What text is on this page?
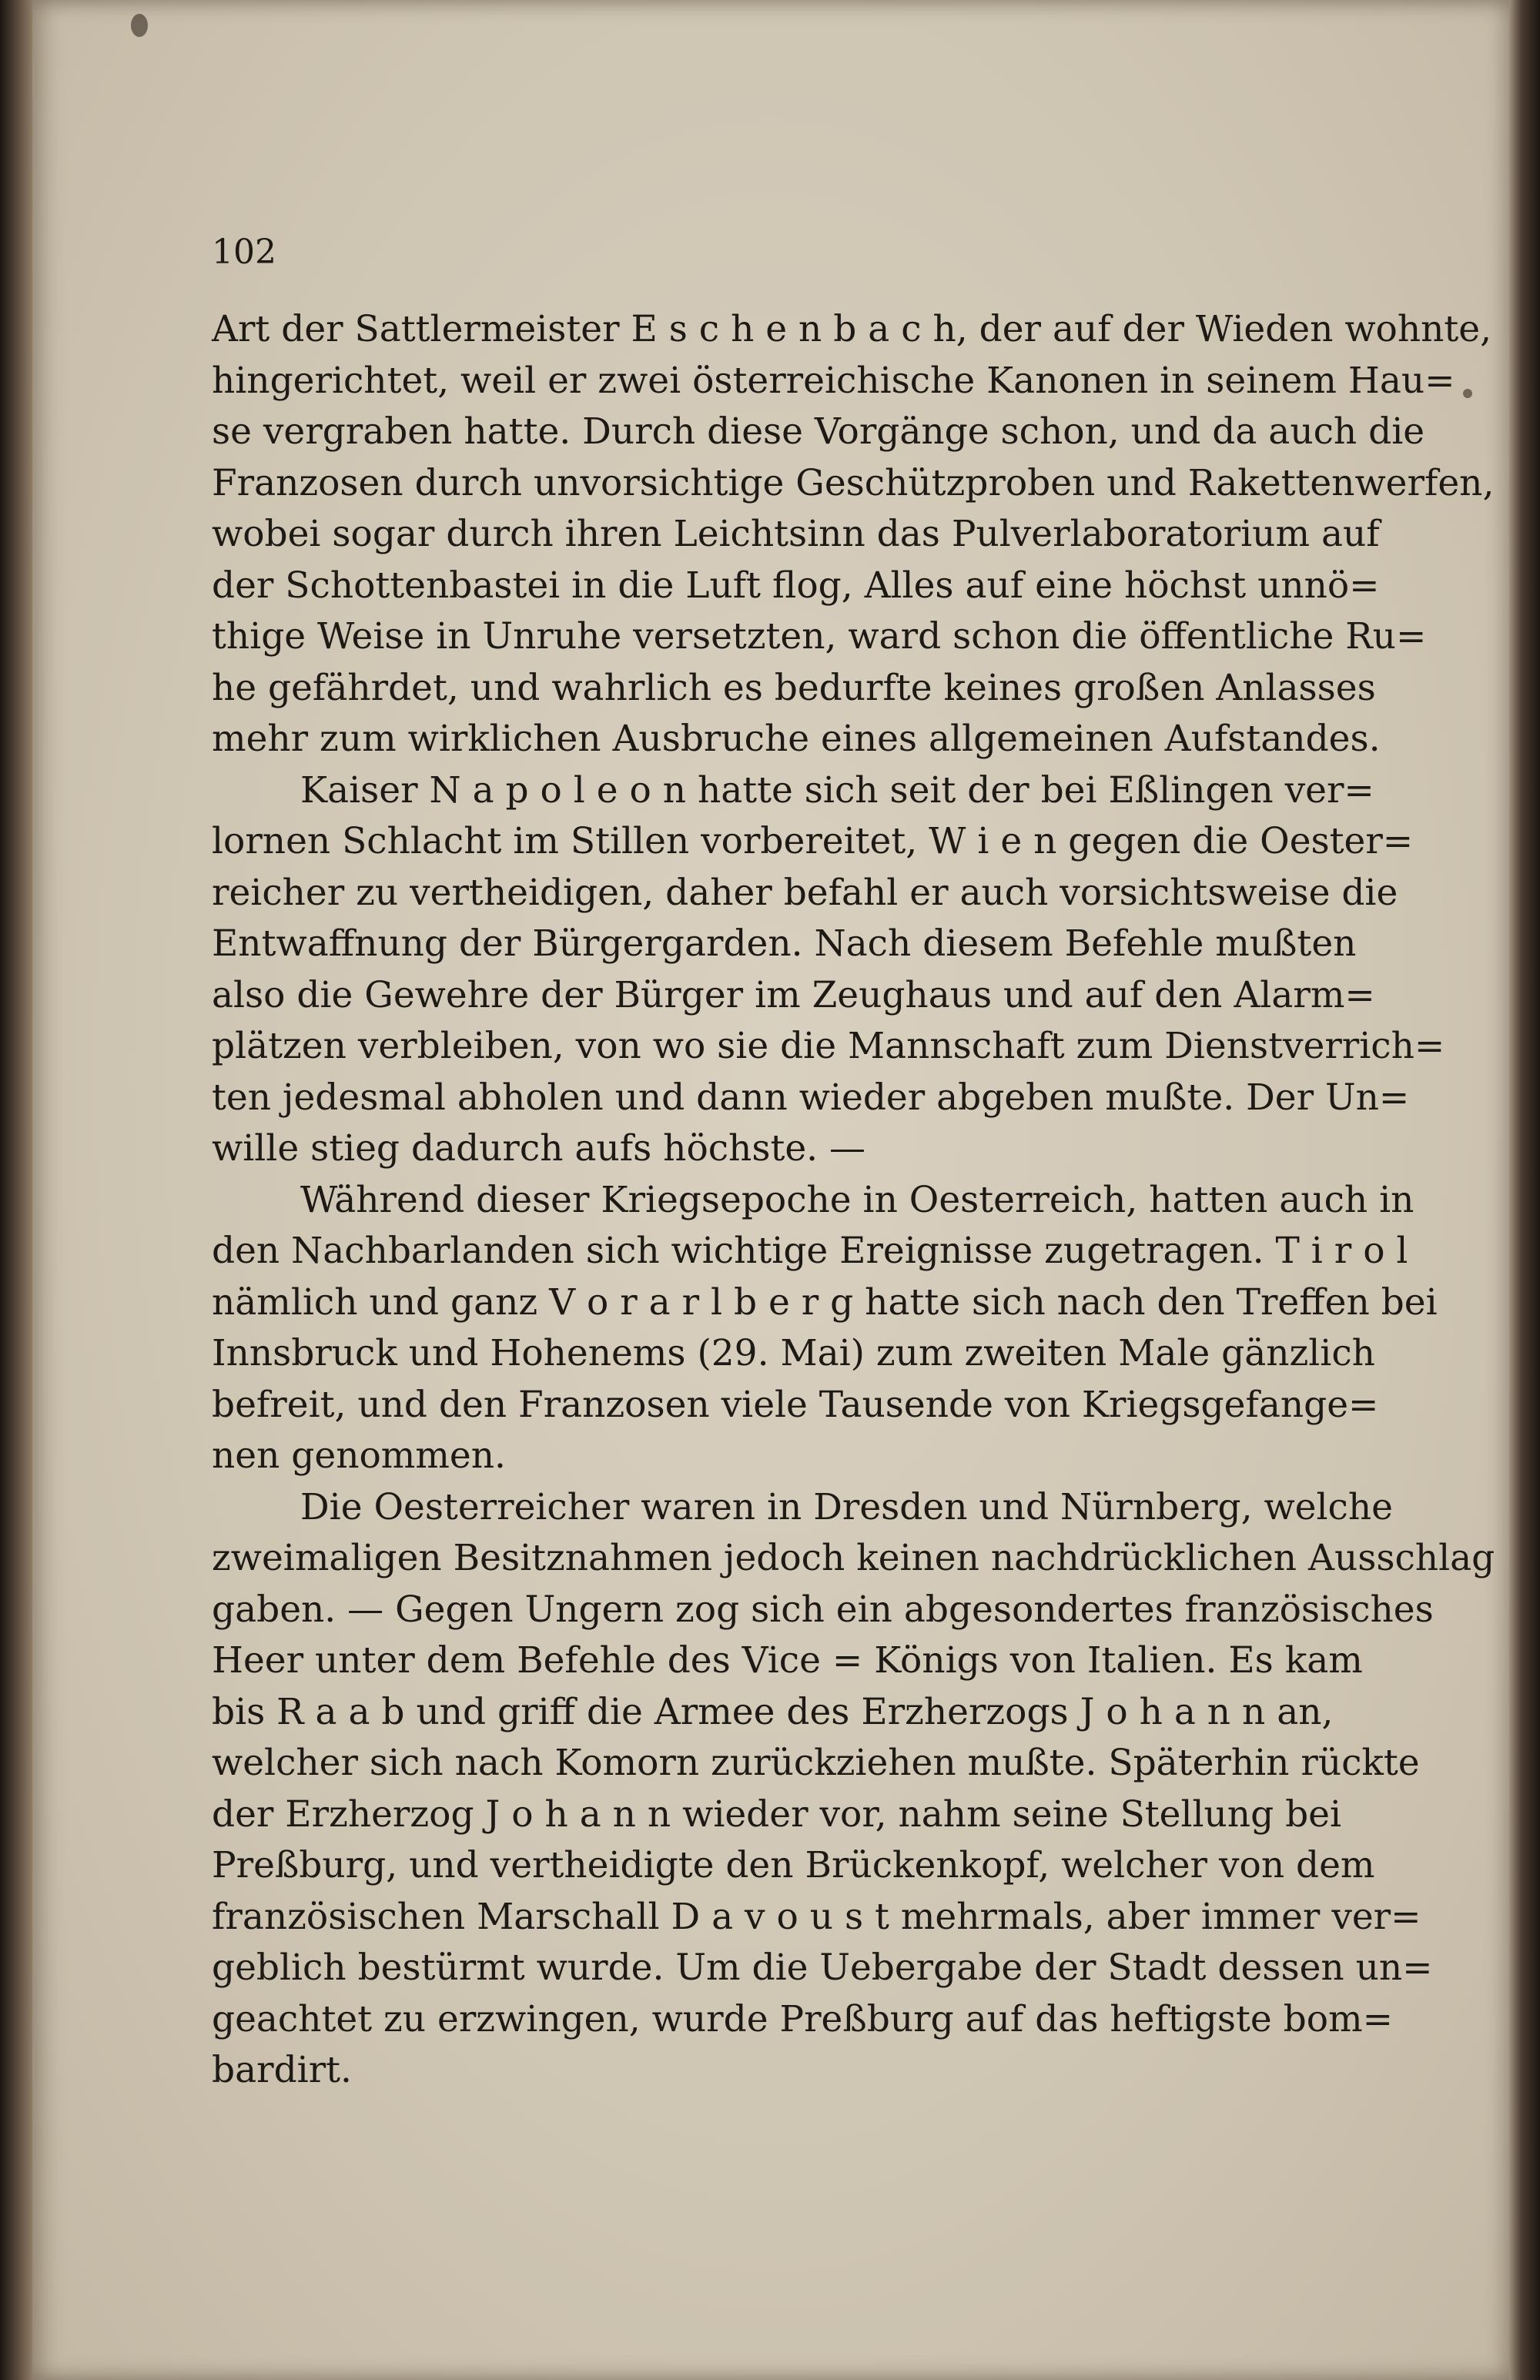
102
Art der Sattlermeister E s c h e n b a c h, der auf der Wieden wohnte,
hingerichtet, weil er zwei österreichische Kanonen in seinem Hau=
se vergraben hatte. Durch diese Vorgänge schon, und da auch die
Franzosen durch unvorsichtige Geschützproben und Rakettenwerfen,
wobei sogar durch ihren Leichtsinn das Pulverlaboratorium auf
der Schottenbastei in die Luft flog, Alles auf eine höchst unnö=
thige Weise in Unruhe versetzten, ward schon die öffentliche Ru=
he gefährdet, und wahrlich es bedurfte keines großen Anlasses
mehr zum wirklichen Ausbruche eines allgemeinen Aufstandes.
Kaiser N a p o l e o n hatte sich seit der bei Eßlingen ver=
lornen Schlacht im Stillen vorbereitet, W i e n gegen die Oester=
reicher zu vertheidigen, daher befahl er auch vorsichtsweise die
Entwaffnung der Bürgergarden. Nach diesem Befehle mußten
also die Gewehre der Bürger im Zeughaus und auf den Alarm=
plätzen verbleiben, von wo sie die Mannschaft zum Dienstverrich=
ten jedesmal abholen und dann wieder abgeben mußte. Der Un=
wille stieg dadurch aufs höchste. —
Während dieser Kriegsepoche in Oesterreich, hatten auch in
den Nachbarlanden sich wichtige Ereignisse zugetragen. T i r o l
nämlich und ganz V o r a r l b e r g hatte sich nach den Treffen bei
Innsbruck und Hohenems (29. Mai) zum zweiten Male gänzlich
befreit, und den Franzosen viele Tausende von Kriegsgefange=
nen genommen.
Die Oesterreicher waren in Dresden und Nürnberg, welche
zweimaligen Besitznahmen jedoch keinen nachdrücklichen Ausschlag
gaben. — Gegen Ungern zog sich ein abgesondertes französisches
Heer unter dem Befehle des Vice = Königs von Italien. Es kam
bis R a a b und griff die Armee des Erzherzogs J o h a n n an,
welcher sich nach Komorn zurückziehen mußte. Späterhin rückte
der Erzherzog J o h a n n wieder vor, nahm seine Stellung bei
Preßburg, und vertheidigte den Brückenkopf, welcher von dem
französischen Marschall D a v o u s t mehrmals, aber immer ver=
geblich bestürmt wurde. Um die Uebergabe der Stadt dessen un=
geachtet zu erzwingen, wurde Preßburg auf das heftigste bom=
bardirt.
